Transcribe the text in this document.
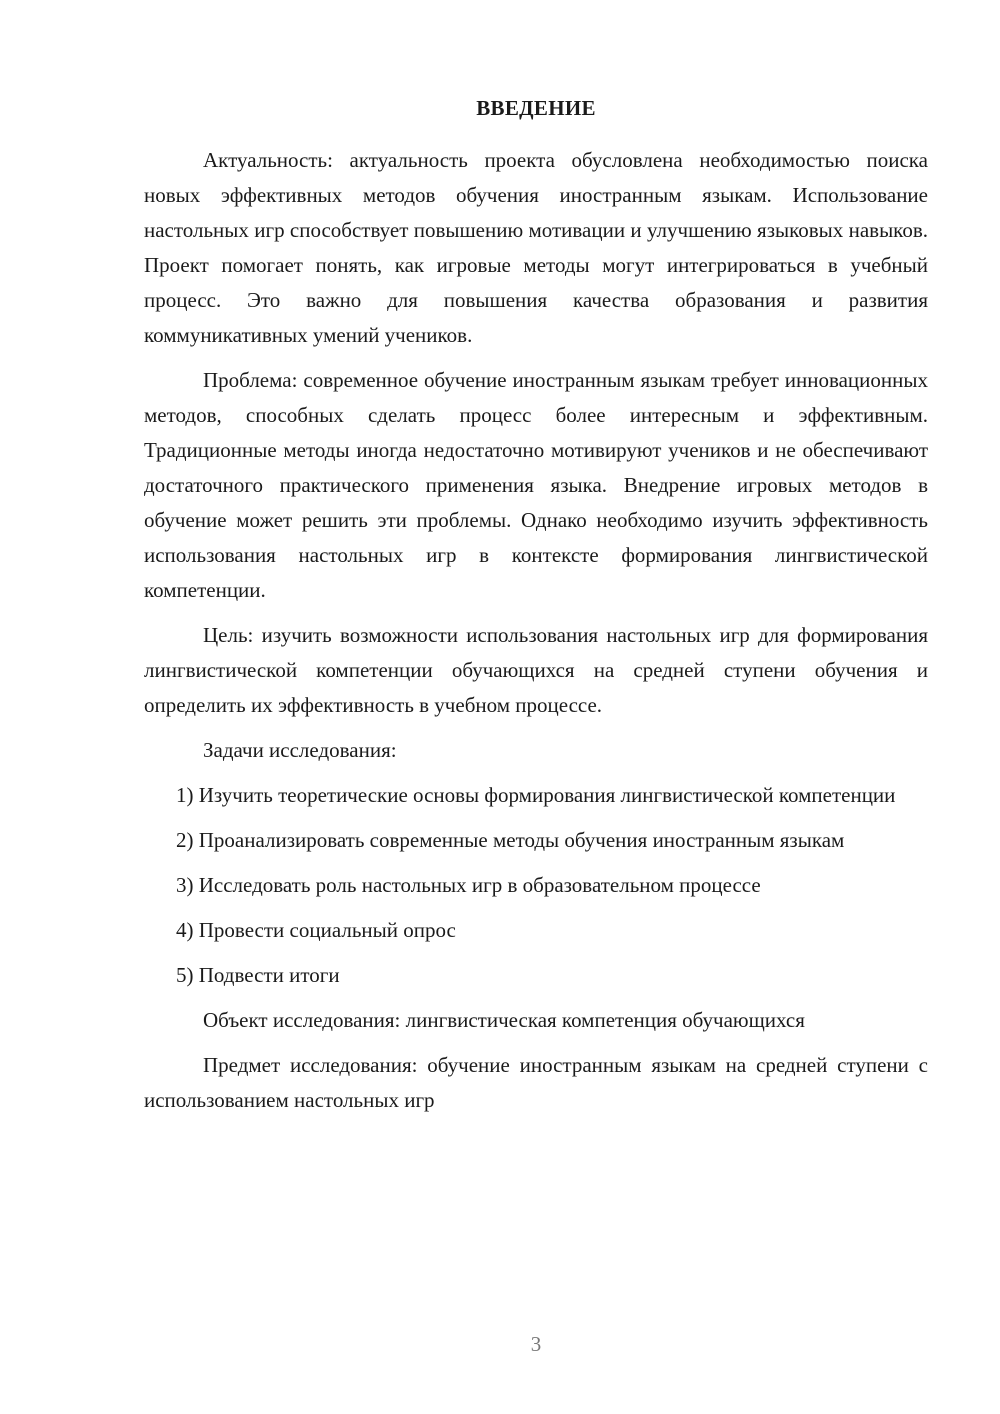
ВВЕДЕНИЕ

Актуальность: актуальность проекта обусловлена необходимостью поиска новых эффективных методов обучения иностранным языкам. Использование настольных игр способствует повышению мотивации и улучшению языковых навыков. Проект помогает понять, как игровые методы могут интегрироваться в учебный процесс. Это важно для повышения качества образования и развития коммуникативных умений учеников.

Проблема: современное обучение иностранным языкам требует инновационных методов, способных сделать процесс более интересным и эффективным. Традиционные методы иногда недостаточно мотивируют учеников и не обеспечивают достаточного практического применения языка. Внедрение игровых методов в обучение может решить эти проблемы. Однако необходимо изучить эффективность использования настольных игр в контексте формирования лингвистической компетенции.

Цель: изучить возможности использования настольных игр для формирования лингвистической компетенции обучающихся на средней ступени обучения и определить их эффективность в учебном процессе.

Задачи исследования:

1) Изучить теоретические основы формирования лингвистической компетенции

2) Проанализировать современные методы обучения иностранным языкам

3) Исследовать роль настольных игр в образовательном процессе

4) Провести социальный опрос

5) Подвести итоги

Объект исследования: лингвистическая компетенция обучающихся

Предмет исследования: обучение иностранным языкам на средней ступени с использованием настольных игр

3
